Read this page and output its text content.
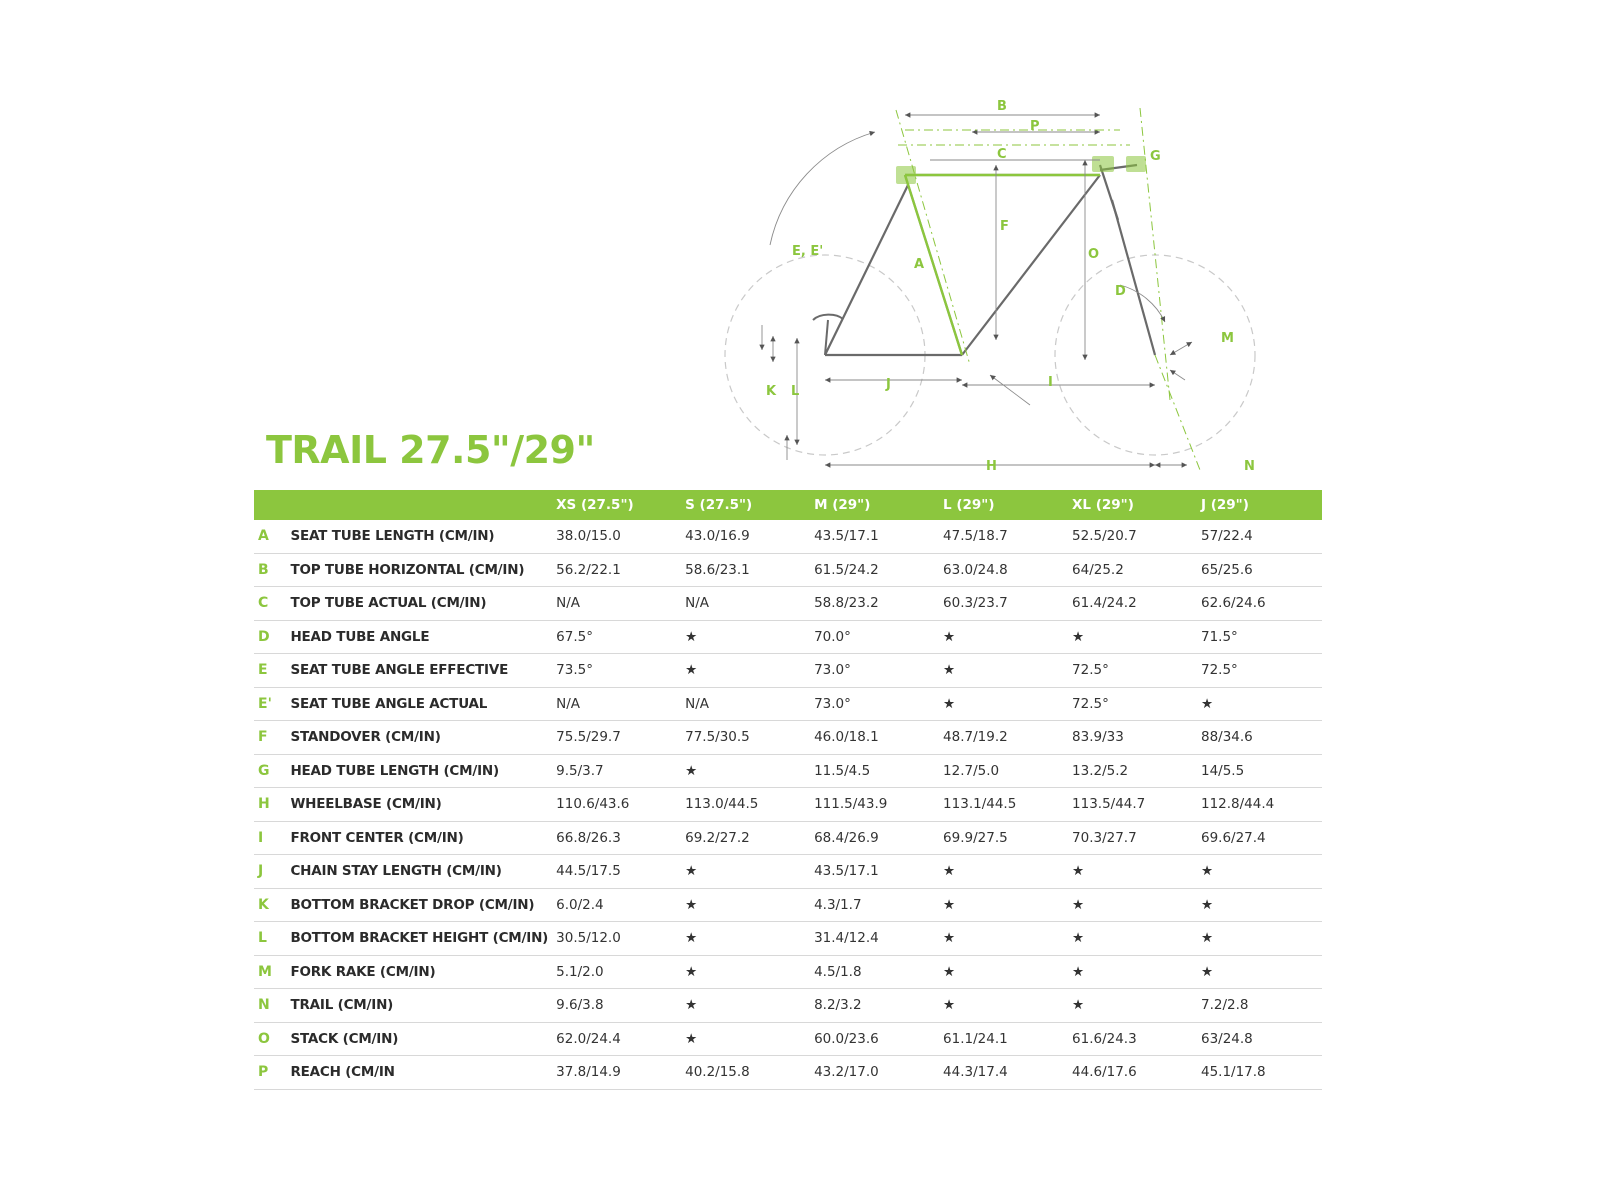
B
P
C
F
O
A
E, E'
G
D
M
J	I
K L
H	N
TRAIL 27.5"/29"
		XS (27.5")	S (27.5")	M (29")	L (29")	XL (29")	J (29")
A	SEAT TUBE LENGTH (CM/IN)	38.0/15.0	43.0/16.9	43.5/17.1	47.5/18.7	52.5/20.7	57/22.4
B	TOP TUBE HORIZONTAL (CM/IN)	56.2/22.1	58.6/23.1	61.5/24.2	63.0/24.8	64/25.2	65/25.6
C	TOP TUBE ACTUAL (CM/IN)	N/A	N/A	58.8/23.2	60.3/23.7	61.4/24.2	62.6/24.6
D	HEAD TUBE ANGLE	67.5°	★	70.0°	★	★	71.5°
E	SEAT TUBE ANGLE EFFECTIVE	73.5°	★	73.0°	★	72.5°	72.5°
E'	SEAT TUBE ANGLE ACTUAL	N/A	N/A	73.0°	★	72.5°	★
F	STANDOVER (CM/IN)	75.5/29.7	77.5/30.5	46.0/18.1	48.7/19.2	83.9/33	88/34.6
G	HEAD TUBE LENGTH (CM/IN)	9.5/3.7	★	11.5/4.5	12.7/5.0	13.2/5.2	14/5.5
H	WHEELBASE (CM/IN)	110.6/43.6	113.0/44.5	111.5/43.9	113.1/44.5	113.5/44.7	112.8/44.4
I	FRONT CENTER (CM/IN)	66.8/26.3	69.2/27.2	68.4/26.9	69.9/27.5	70.3/27.7	69.6/27.4
J	CHAIN STAY LENGTH (CM/IN)	44.5/17.5	★	43.5/17.1	★	★	★
K	BOTTOM BRACKET DROP (CM/IN)	6.0/2.4	★	4.3/1.7	★	★	★
L	BOTTOM BRACKET HEIGHT (CM/IN)	30.5/12.0	★	31.4/12.4	★	★	★
M	FORK RAKE (CM/IN)	5.1/2.0	★	4.5/1.8	★	★	★
N	TRAIL (CM/IN)	9.6/3.8	★	8.2/3.2	★	★	7.2/2.8
O	STACK (CM/IN)	62.0/24.4	★	60.0/23.6	61.1/24.1	61.6/24.3	63/24.8
P	REACH (CM/IN	37.8/14.9	40.2/15.8	43.2/17.0	44.3/17.4	44.6/17.6	45.1/17.8
